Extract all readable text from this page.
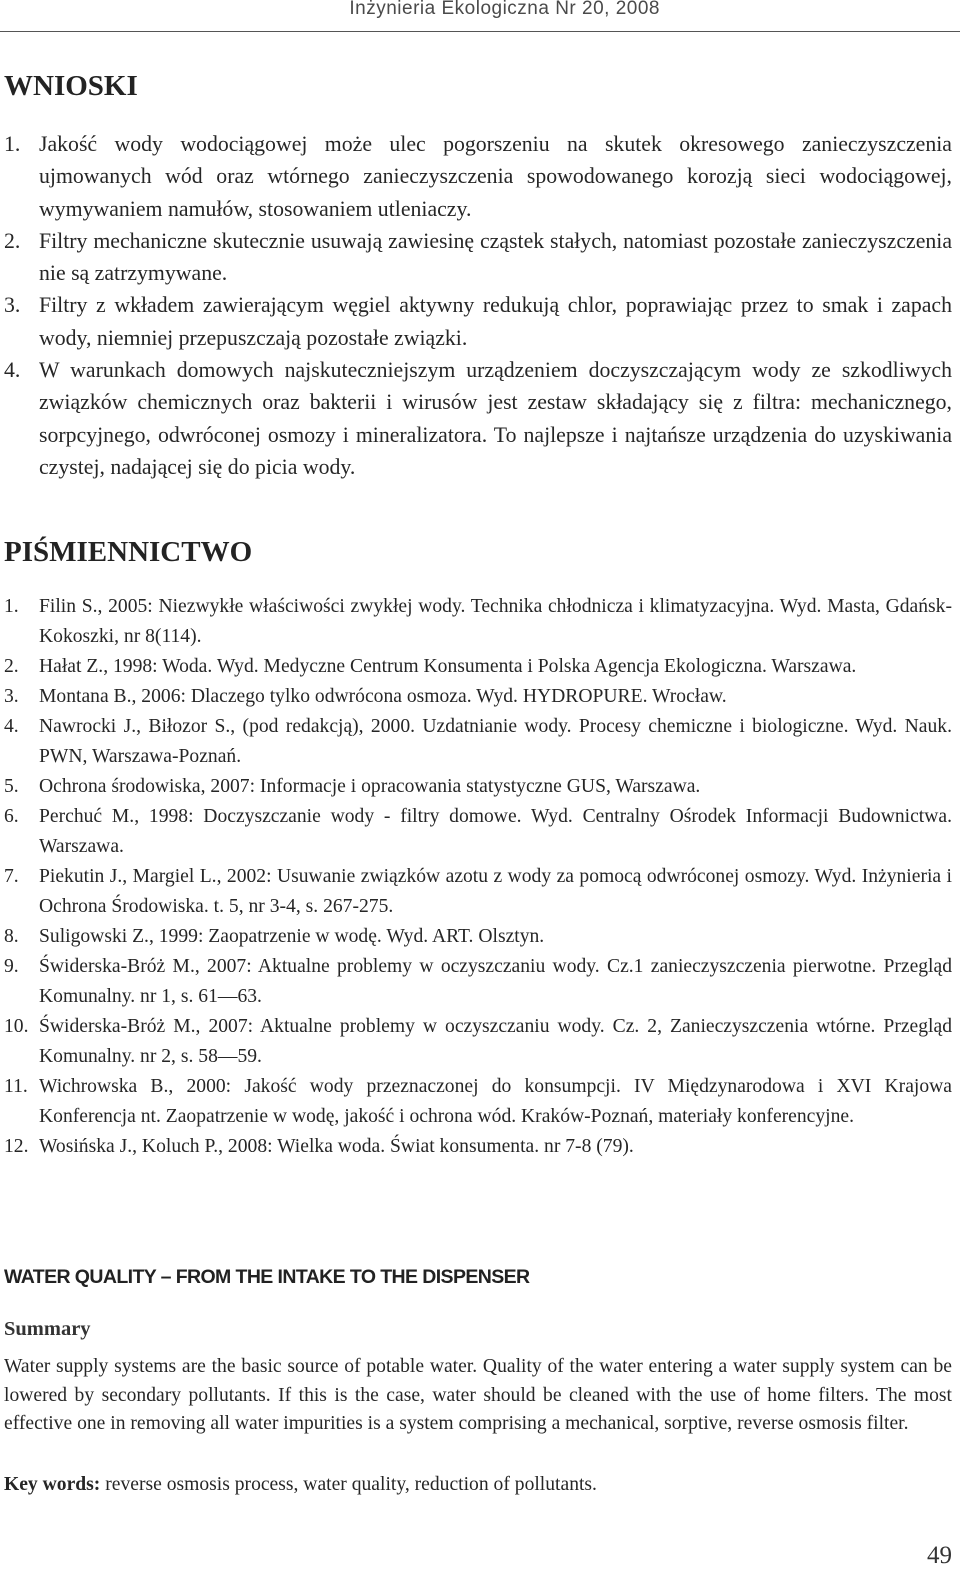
Inżynieria Ekologiczna Nr 20, 2008
WNIOSKI
1. Jakość wody wodociągowej może ulec pogorszeniu na skutek okresowego zanieczyszczenia ujmowanych wód oraz wtórnego zanieczyszczenia spowodowanego korozją sieci wodociągowej, wymywaniem namułów, stosowaniem utleniaczy.
2. Filtry mechaniczne skutecznie usuwają zawiesinę cząstek stałych, natomiast pozostałe zanieczyszczenia nie są zatrzymywane.
3. Filtry z wkładem zawierającym węgiel aktywny redukują chlor, poprawiając przez to smak i zapach wody, niemniej przepuszczają pozostałe związki.
4. W warunkach domowych najskuteczniejszym urządzeniem doczyszczającym wody ze szkodliwych związków chemicznych oraz bakterii i wirusów jest zestaw składający się z filtra: mechanicznego, sorpcyjnego, odwróconej osmozy i mineralizatora. To najlepsze i najtańsze urządzenia do uzyskiwania czystej, nadającej się do picia wody.
PIŚMIENNICTWO
1. Filin S., 2005: Niezwykłe właściwości zwykłej wody. Technika chłodnicza i klimatyzacyjna. Wyd. Masta, Gdańsk-Kokoszki, nr 8(114).
2. Hałat Z., 1998: Woda. Wyd. Medyczne Centrum Konsumenta i Polska Agencja Ekologiczna. Warszawa.
3. Montana B., 2006: Dlaczego tylko odwrócona osmoza. Wyd. HYDROPURE. Wrocław.
4. Nawrocki J., Biłozor S., (pod redakcją), 2000. Uzdatnianie wody. Procesy chemiczne i biologiczne. Wyd. Nauk. PWN, Warszawa-Poznań.
5. Ochrona środowiska, 2007: Informacje i opracowania statystyczne GUS, Warszawa.
6. Perchuć M., 1998: Doczyszczanie wody - filtry domowe. Wyd. Centralny Ośrodek Informacji Budownictwa. Warszawa.
7. Piekutin J., Margiel L., 2002: Usuwanie związków azotu z wody za pomocą odwróconej osmozy. Wyd. Inżynieria i Ochrona Środowiska. t. 5, nr 3-4, s. 267-275.
8. Suligowski Z., 1999: Zaopatrzenie w wodę. Wyd. ART. Olsztyn.
9. Świderska-Bróż M., 2007: Aktualne problemy w oczyszczaniu wody. Cz.1 zanieczyszczenia pierwotne. Przegląd Komunalny. nr 1, s. 61—63.
10. Świderska-Bróż M., 2007: Aktualne problemy w oczyszczaniu wody. Cz. 2, Zanieczyszczenia wtórne. Przegląd Komunalny. nr 2, s. 58—59.
11. Wichrowska B., 2000: Jakość wody przeznaczonej do konsumpcji. IV Międzynarodowa i XVI Krajowa Konferencja nt. Zaopatrzenie w wodę, jakość i ochrona wód. Kraków-Poznań, materiały konferencyjne.
12. Wosińska J., Koluch P., 2008: Wielka woda. Świat konsumenta. nr 7-8 (79).
WATER QUALITY – FROM THE INTAKE TO THE DISPENSER
Summary
Water supply systems are the basic source of potable water. Quality of the water entering a water supply system can be lowered by secondary pollutants. If this is the case, water should be cleaned with the use of home filters. The most effective one in removing all water impurities is a system comprising a mechanical, sorptive, reverse osmosis filter.
Key words: reverse osmosis process, water quality, reduction of pollutants.
49
